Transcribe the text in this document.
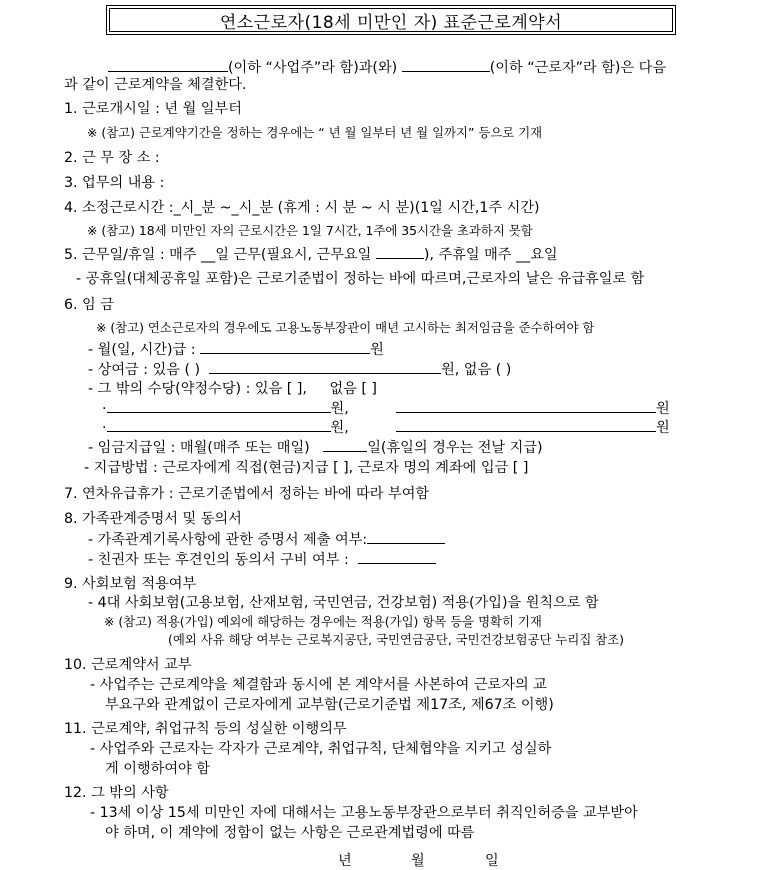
연소근로자(18세 미만인 자) 표준근로계약서
(이하 “사업주”라 함)과(와)	(이하 “근로자”라 함)은 다음
과 같이 근로계약을 체결한다.
1. 근로개시일 : 년 월 일부터
※ (참고) 근로계약기간을 정하는 경우에는 “ 년 월 일부터 년 월 일까지” 등으로 기재
2. 근 무 장 소 :
3. 업무의 내용 :
4. 소정근로시간 :_시_분 ~_시_분 (휴게 : 시 분 ~ 시 분)(1일 시간,1주 시간)
※ (참고) 18세 미만인 자의 근로시간은 1일 7시간, 1주에 35시간을 초과하지 못함
5. 근무일/휴일 : 매주 __일 근무(필요시, 근무요일	), 주휴일 매주 __요일
- 공휴일(대체공휴일 포함)은 근로기준법이 정하는 바에 따르며,근로자의 날은 유급휴일로 함
6. 임 금
※ (참고) 연소근로자의 경우에도 고용노동부장관이 매년 고시하는 최저임금을 준수하여야 함
- 월(일, 시간)급 :	원
- 상여금 : 있음 ( )	원, 없음 ( )
- 그 밖의 수당(약정수당) : 있음 [ ], 없음 [ ]
·	원,	원
·	원,	원
- 임금지급일 : 매월(매주 또는 매일)	일(휴일의 경우는 전날 지급)
- 지급방법 : 근로자에게 직접(현금)지급 [ ], 근로자 명의 계좌에 입금 [ ]
7. 연차유급휴가 : 근로기준법에서 정하는 바에 따라 부여함
8. 가족관계증명서 및 동의서
- 가족관계기록사항에 관한 증명서 제출 여부:
- 친권자 또는 후견인의 동의서 구비 여부 :
9. 사회보험 적용여부
- 4대 사회보험(고용보험, 산재보험, 국민연금, 건강보험) 적용(가입)을 원칙으로 함
※ (참고) 적용(가입) 예외에 해당하는 경우에는 적용(가입) 항목 등을 명확히 기재
(예외 사유 해당 여부는 근로복지공단, 국민연금공단, 국민건강보험공단 누리집 참조)
10. 근로계약서 교부
- 사업주는 근로계약을 체결함과 동시에 본 계약서를 사본하여 근로자의 교
부요구와 관계없이 근로자에게 교부함(근로기준법 제17조, 제67조 이행)
11. 근로계약, 취업규칙 등의 성실한 이행의무
- 사업주와 근로자는 각자가 근로계약, 취업규칙, 단체협약을 지키고 성실하
게 이행하여야 함
12. 그 밖의 사항
- 13세 이상 15세 미만인 자에 대해서는 고용노동부장관으로부터 취직인허증을 교부받아
야 하며, 이 계약에 정함이 없는 사항은 근로관계법령에 따름
년	월	일
